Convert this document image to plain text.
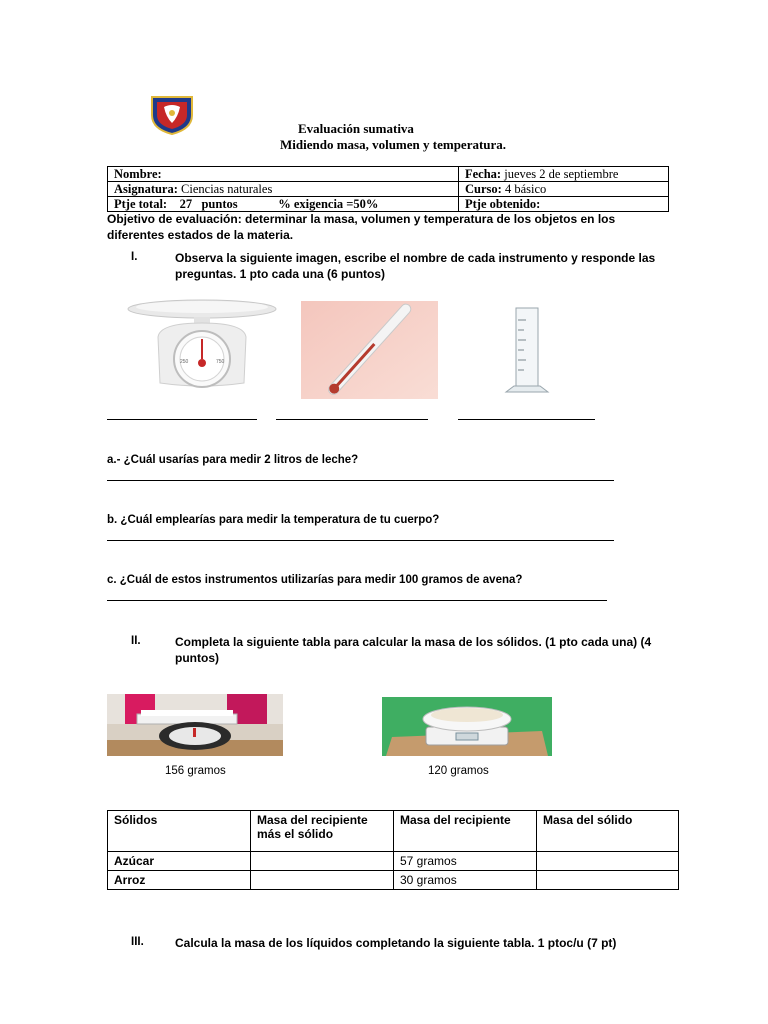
Evaluación sumativa
Midiendo masa, volumen y temperatura.
Nombre:	Fecha: jueves 2 de septiembre
Asignatura: Ciencias naturales	Curso: 4 básico
Ptje total: 27 puntos % exigencia =50%	Ptje obtenido:
Objetivo de evaluación: determinar la masa, volumen y temperatura de los objetos en los diferentes estados de la materia.
I.	Observa la siguiente imagen, escribe el nombre de cada instrumento y responde las
preguntas. 1 pto cada una (6 puntos)
250	750
a.- ¿Cuál usarías para medir 2 litros de leche?
b. ¿Cuál emplearías para medir la temperatura de tu cuerpo?
c. ¿Cuál de estos instrumentos utilizarías para medir 100 gramos de avena?
II.	Completa la siguiente tabla para calcular la masa de los sólidos. (1 pto cada una) (4
puntos)
156 gramos	120 gramos
Sólidos	Masa del recipiente más el sólido	Masa del recipiente	Masa del sólido
Azúcar		57 gramos	
Arroz		30 gramos	
III.	Calcula la masa de los líquidos completando la siguiente tabla. 1 ptoc/u (7 pt)
